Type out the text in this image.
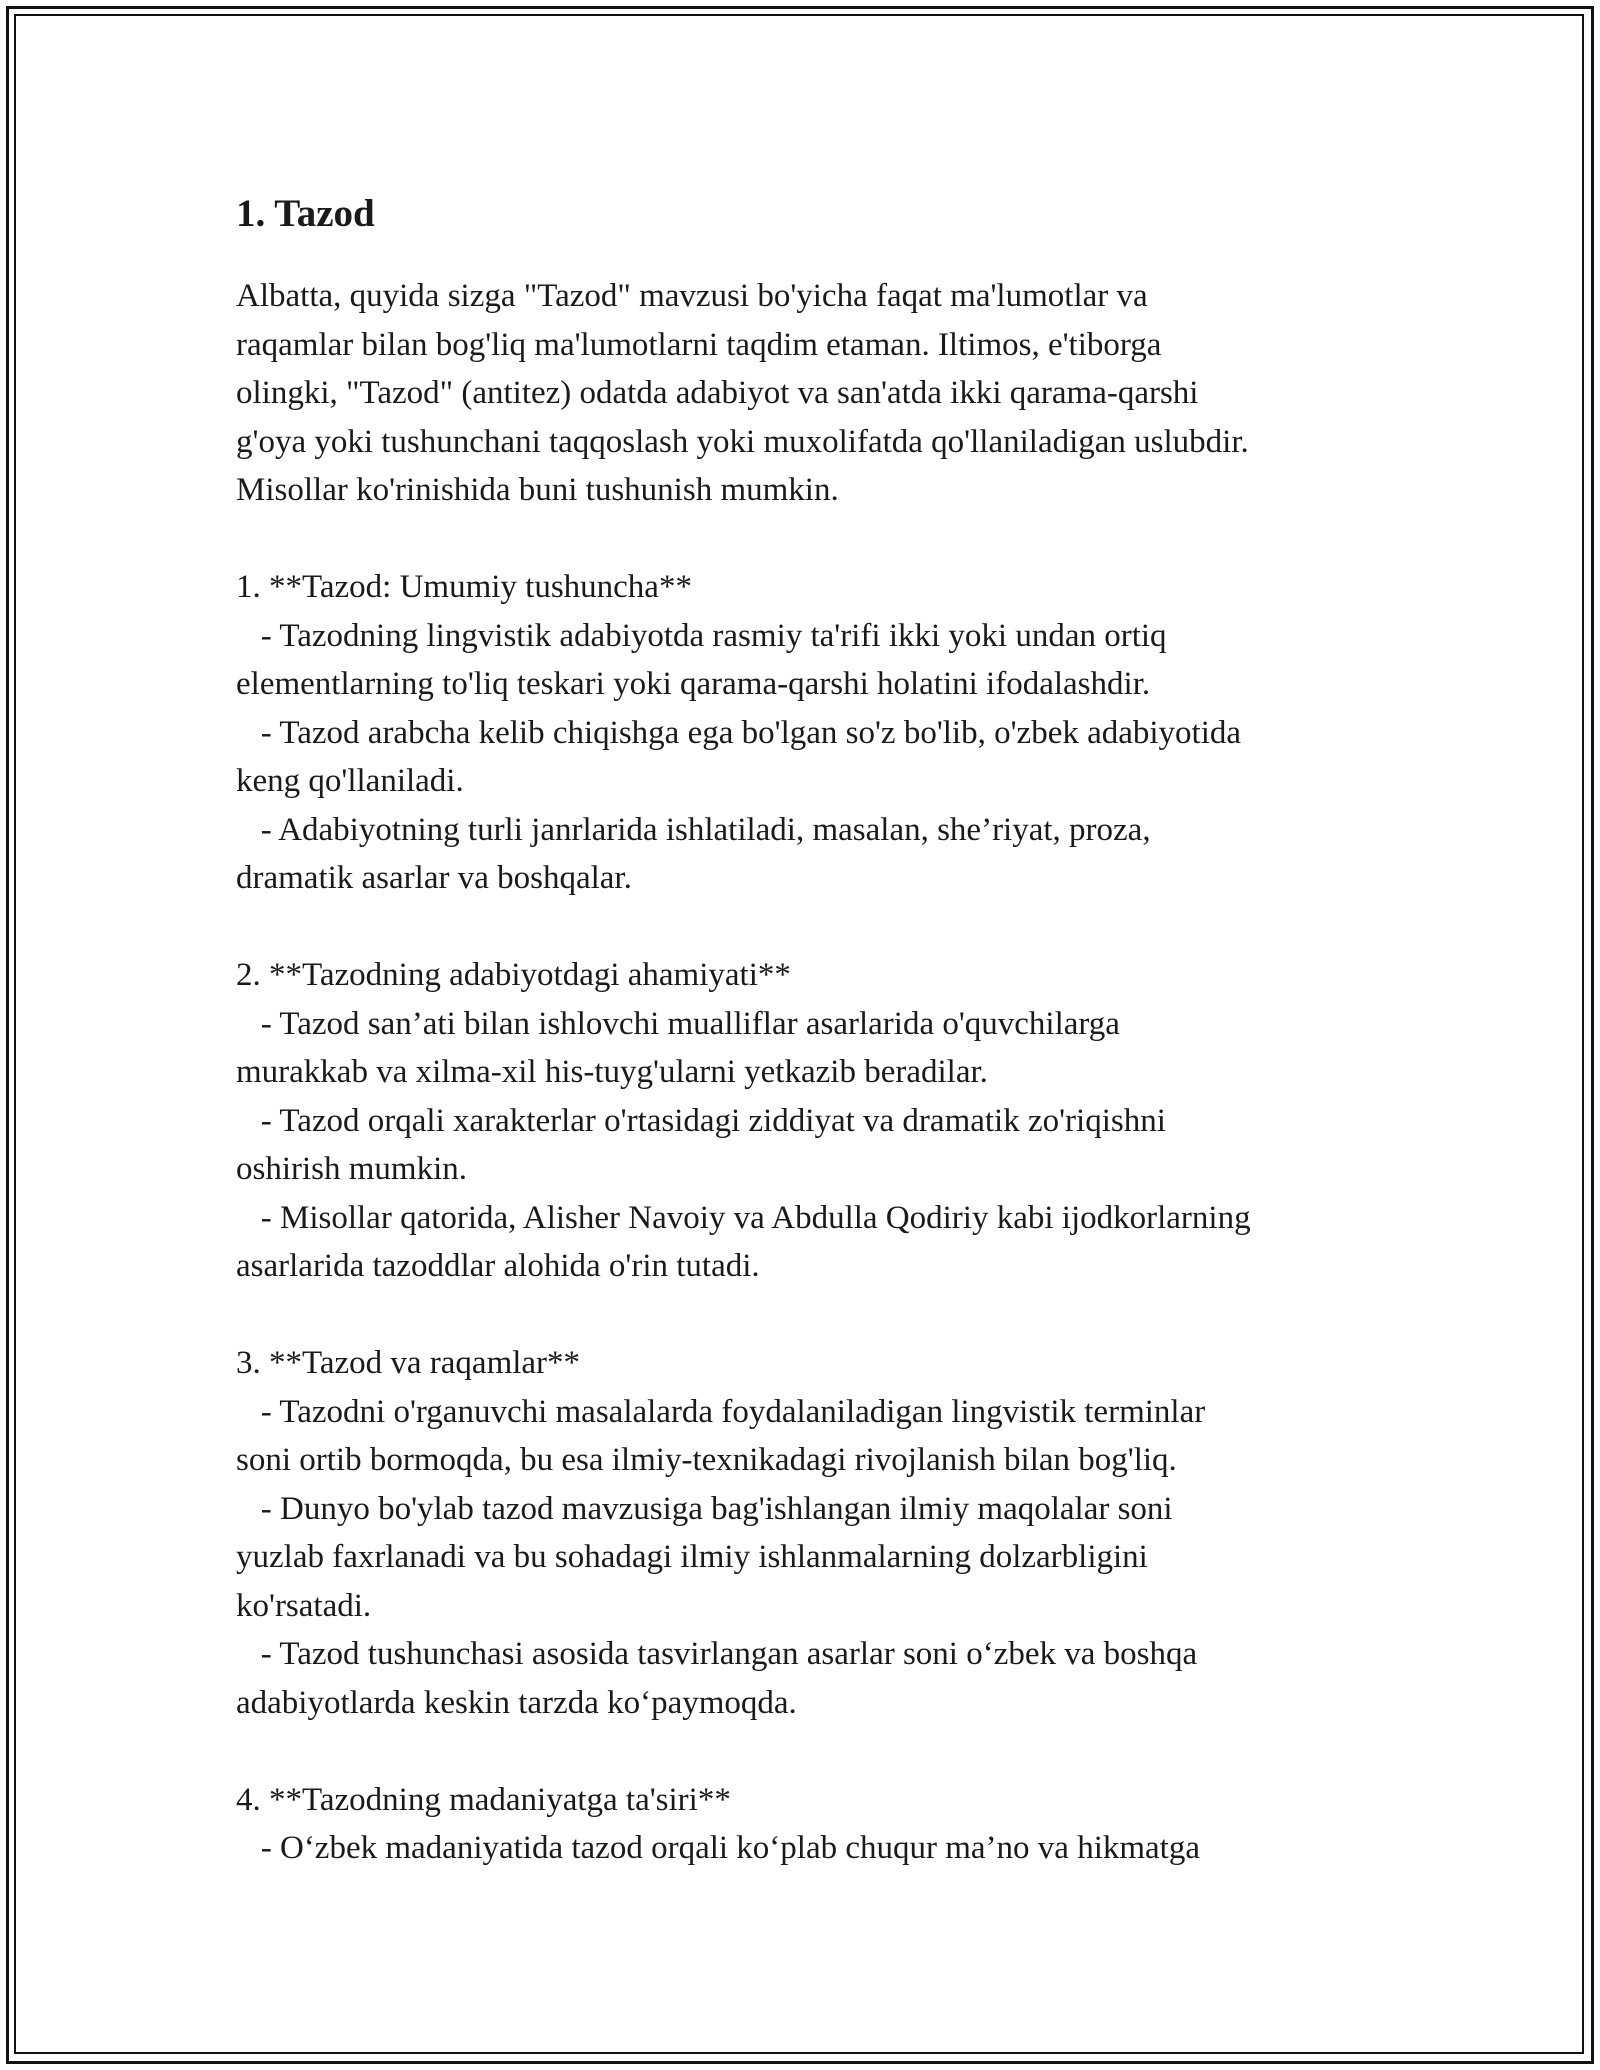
1. Tazod

Albatta, quyida sizga "Tazod" mavzusi bo'yicha faqat ma'lumotlar va
raqamlar bilan bog'liq ma'lumotlarni taqdim etaman. Iltimos, e'tiborga
olingki, "Tazod" (antitez) odatda adabiyot va san'atda ikki qarama-qarshi
g'oya yoki tushunchani taqqoslash yoki muxolifatda qo'llaniladigan uslubdir.
Misollar ko'rinishida buni tushunish mumkin.

1. **Tazod: Umumiy tushuncha**
- Tazodning lingvistik adabiyotda rasmiy ta'rifi ikki yoki undan ortiq
elementlarning to'liq teskari yoki qarama-qarshi holatini ifodalashdir.
- Tazod arabcha kelib chiqishga ega bo'lgan so'z bo'lib, o'zbek adabiyotida
keng qo'llaniladi.
- Adabiyotning turli janrlarida ishlatiladi, masalan, she’riyat, proza,
dramatik asarlar va boshqalar.

2. **Tazodning adabiyotdagi ahamiyati**
- Tazod san’ati bilan ishlovchi mualliflar asarlarida o'quvchilarga
murakkab va xilma-xil his-tuyg'ularni yetkazib beradilar.
- Tazod orqali xarakterlar o'rtasidagi ziddiyat va dramatik zo'riqishni
oshirish mumkin.
- Misollar qatorida, Alisher Navoiy va Abdulla Qodiriy kabi ijodkorlarning
asarlarida tazoddlar alohida o'rin tutadi.

3. **Tazod va raqamlar**
- Tazodni o'rganuvchi masalalarda foydalaniladigan lingvistik terminlar
soni ortib bormoqda, bu esa ilmiy-texnikadagi rivojlanish bilan bog'liq.
- Dunyo bo'ylab tazod mavzusiga bag'ishlangan ilmiy maqolalar soni
yuzlab faxrlanadi va bu sohadagi ilmiy ishlanmalarning dolzarbligini
ko'rsatadi.
- Tazod tushunchasi asosida tasvirlangan asarlar soni o‘zbek va boshqa
adabiyotlarda keskin tarzda ko‘paymoqda.

4. **Tazodning madaniyatga ta'siri**
- O‘zbek madaniyatida tazod orqali ko‘plab chuqur ma’no va hikmatga
